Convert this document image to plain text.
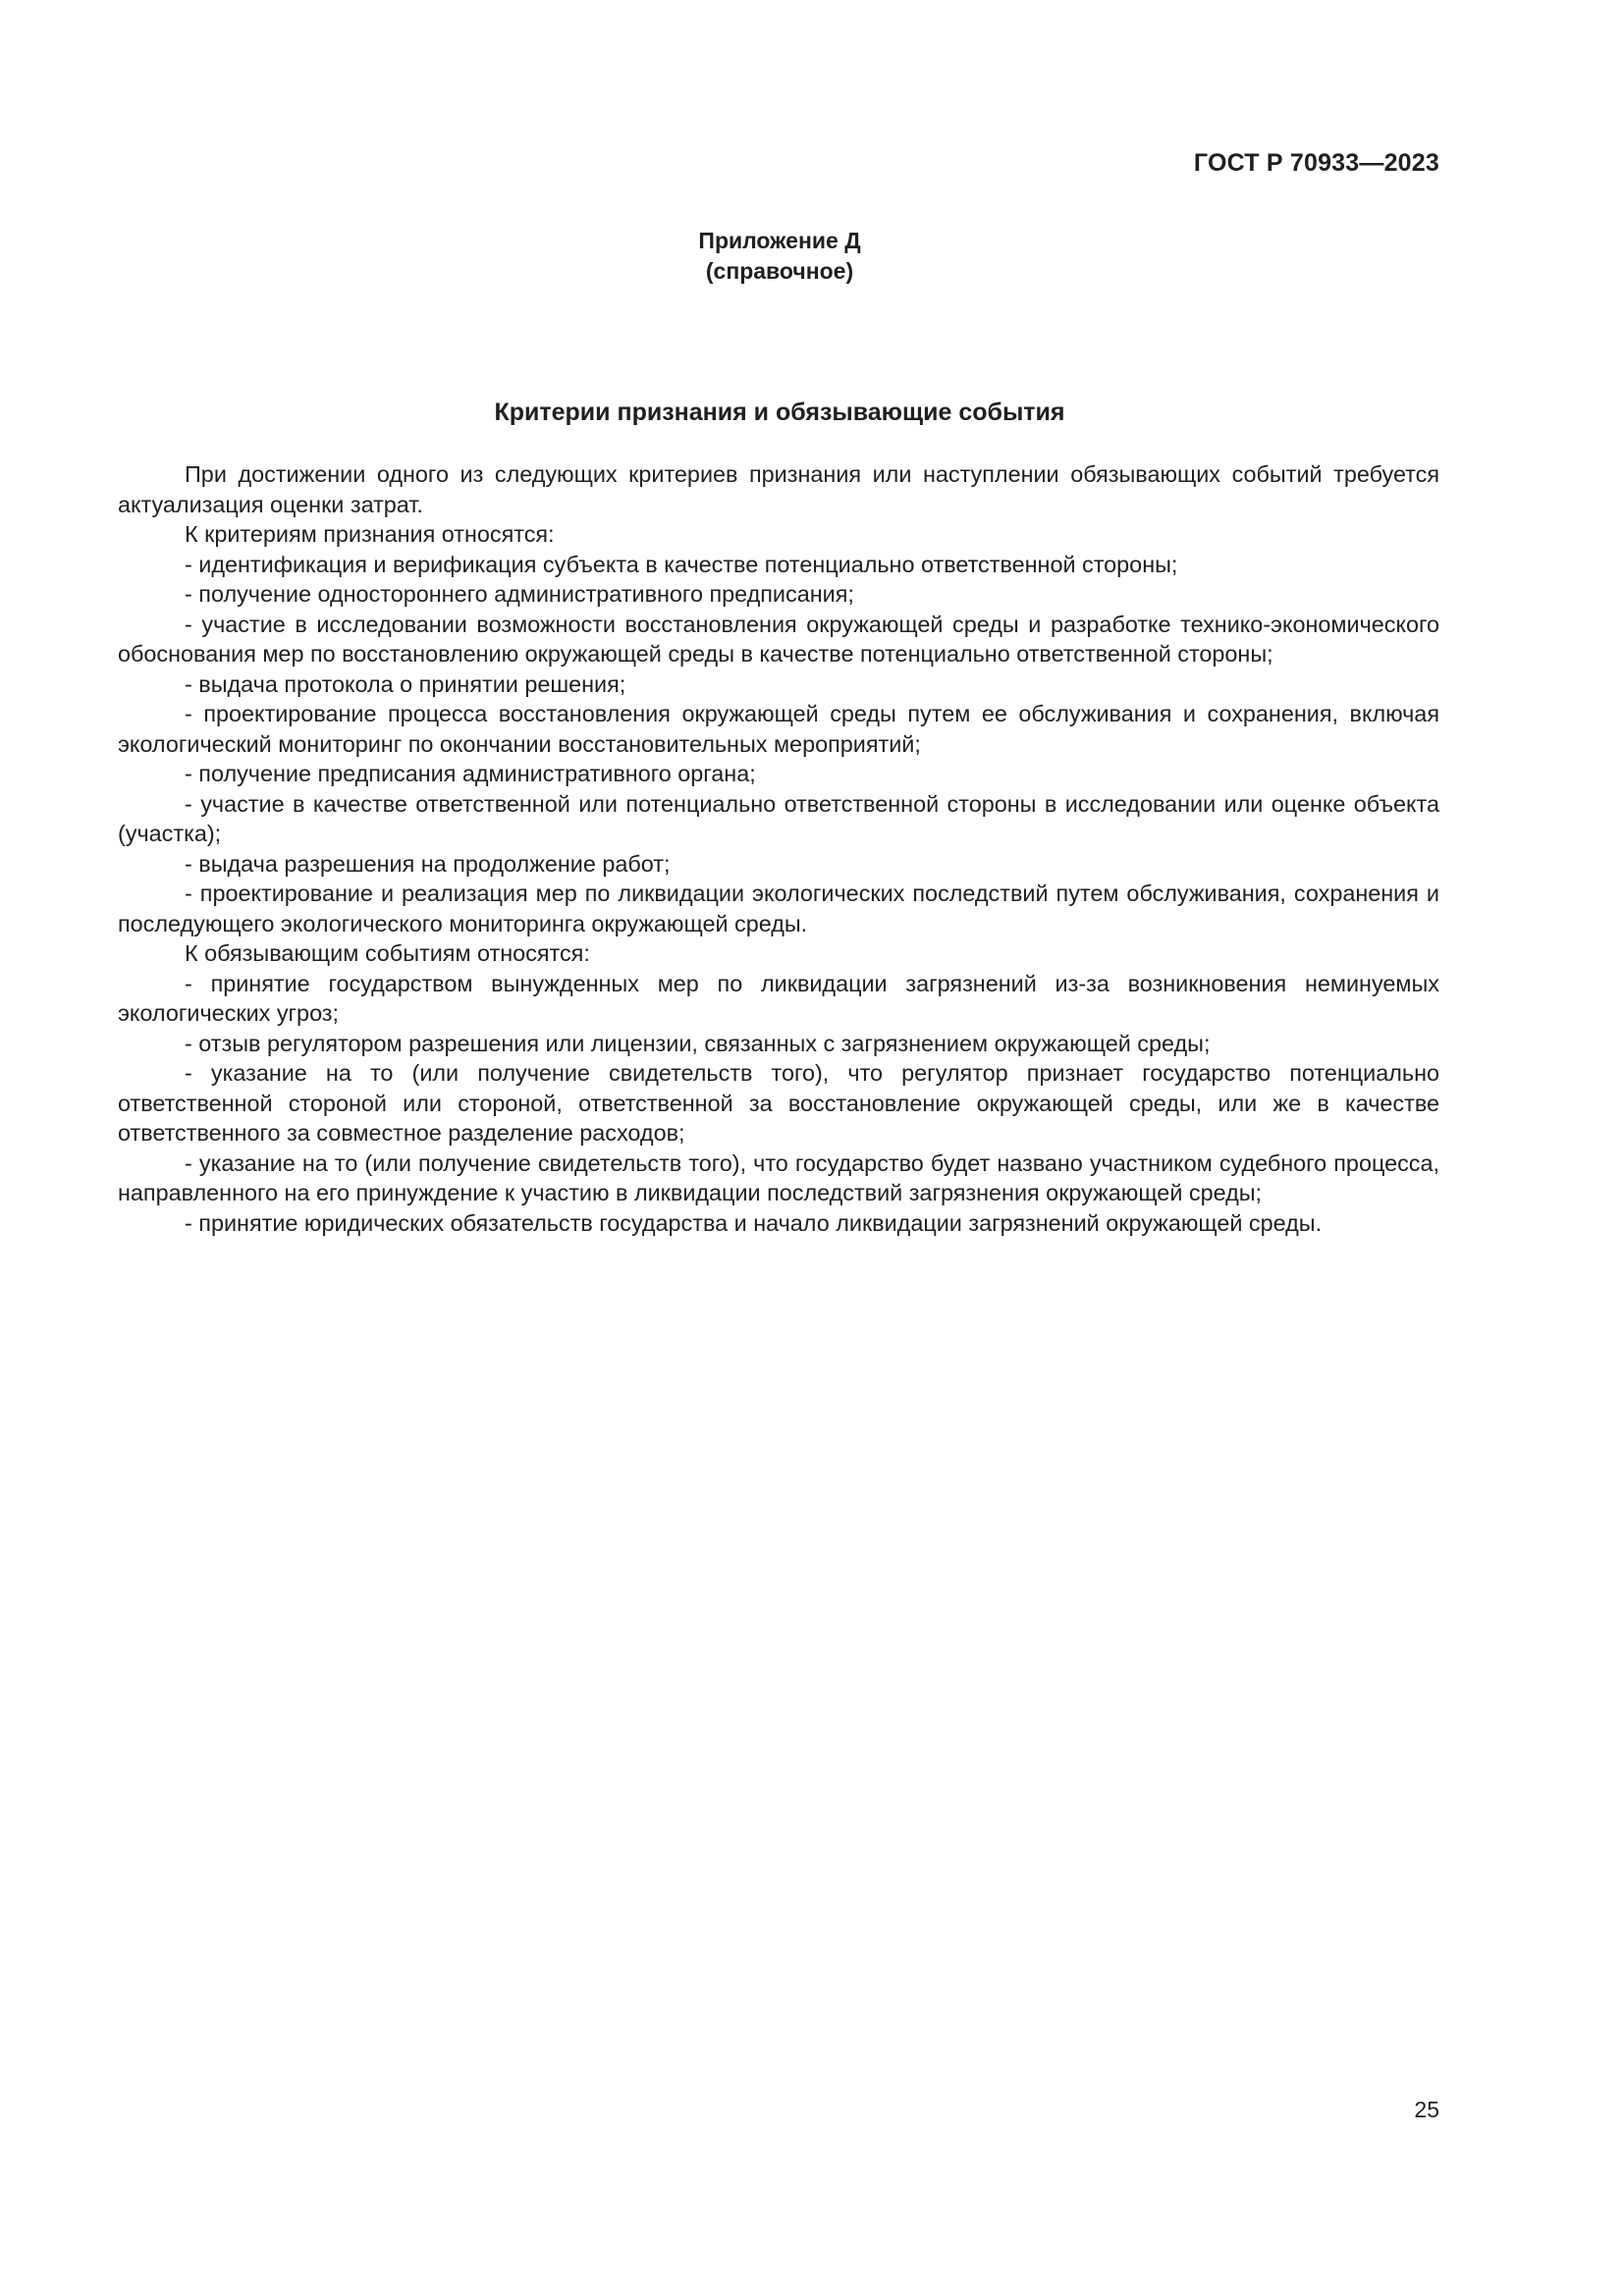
ГОСТ Р 70933—2023
Приложение Д
(справочное)
Критерии признания и обязывающие события

При достижении одного из следующих критериев признания или наступлении обязывающих событий требуется актуализация оценки затрат.

К критериям признания относятся:

- идентификация и верификация субъекта в качестве потенциально ответственной стороны;

- получение одностороннего административного предписания;

- участие в исследовании возможности восстановления окружающей среды и разработке технико-экономического обоснования мер по восстановлению окружающей среды в качестве потенциально ответственной стороны;

- выдача протокола о принятии решения;

- проектирование процесса восстановления окружающей среды путем ее обслуживания и сохранения, включая экологический мониторинг по окончании восстановительных мероприятий;

- получение предписания административного органа;

- участие в качестве ответственной или потенциально ответственной стороны в исследовании или оценке объекта (участка);

- выдача разрешения на продолжение работ;

- проектирование и реализация мер по ликвидации экологических последствий путем обслуживания, сохранения и последующего экологического мониторинга окружающей среды.

К обязывающим событиям относятся:

- принятие государством вынужденных мер по ликвидации загрязнений из-за возникновения неминуемых экологических угроз;

- отзыв регулятором разрешения или лицензии, связанных с загрязнением окружающей среды;

- указание на то (или получение свидетельств того), что регулятор признает государство потенциально ответственной стороной или стороной, ответственной за восстановление окружающей среды, или же в качестве ответственного за совместное разделение расходов;

- указание на то (или получение свидетельств того), что государство будет названо участником судебного процесса, направленного на его принуждение к участию в ликвидации последствий загрязнения окружающей среды;

- принятие юридических обязательств государства и начало ликвидации загрязнений окружающей среды.

25
